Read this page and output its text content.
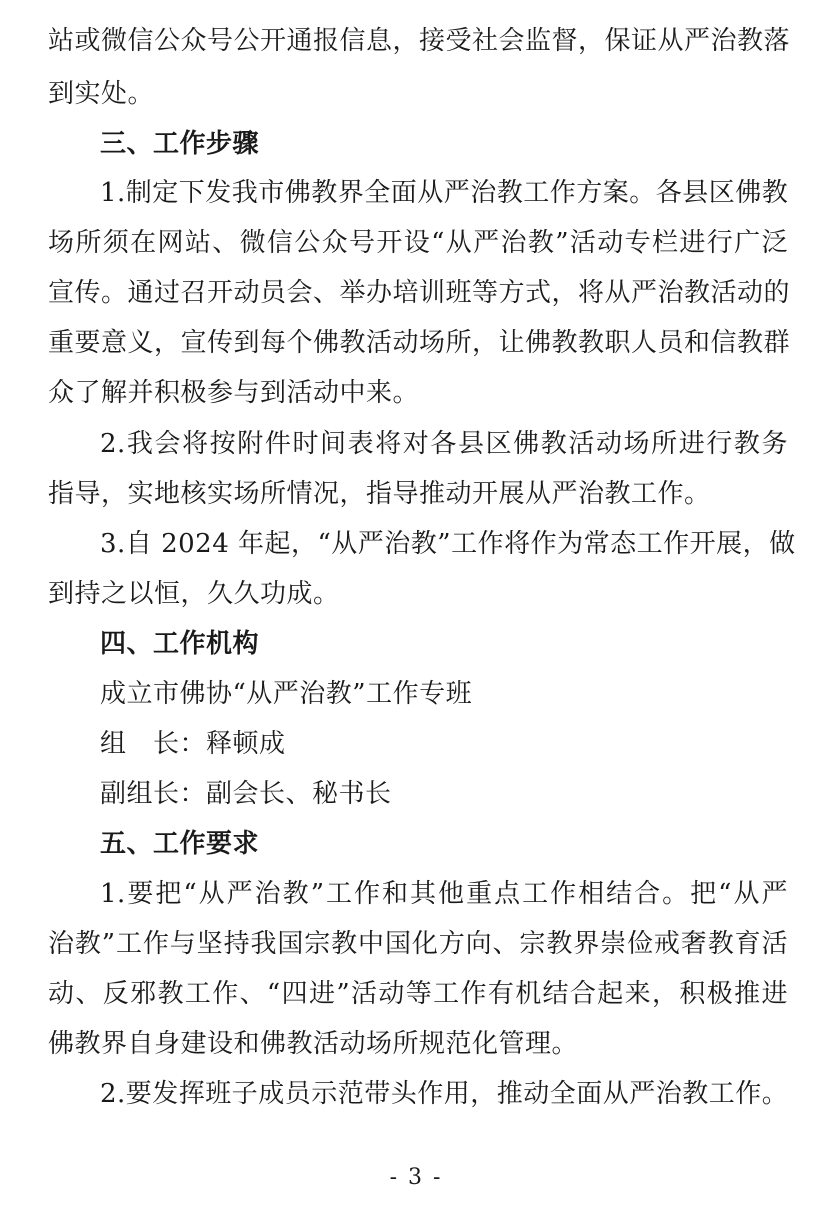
站或微信公众号公开通报信息，接受社会监督，保证从严治教落
到实处。
三、工作步骤
1.制定下发我市佛教界全面从严治教工作方案。各县区佛教
场所须在网站、微信公众号开设“从严治教”活动专栏进行广泛
宣传。通过召开动员会、举办培训班等方式，将从严治教活动的
重要意义，宣传到每个佛教活动场所，让佛教教职人员和信教群
众了解并积极参与到活动中来。
2.我会将按附件时间表将对各县区佛教活动场所进行教务
指导，实地核实场所情况，指导推动开展从严治教工作。
3.自 2024 年起，“从严治教”工作将作为常态工作开展，做
到持之以恒，久久功成。
四、工作机构
成立市佛协“从严治教”工作专班
组　长：释顿成
副组长：副会长、秘书长
五、工作要求
1.要把“从严治教”工作和其他重点工作相结合。把“从严
治教”工作与坚持我国宗教中国化方向、宗教界崇俭戒奢教育活
动、反邪教工作、“四进”活动等工作有机结合起来，积极推进
佛教界自身建设和佛教活动场所规范化管理。
2.要发挥班子成员示范带头作用，推动全面从严治教工作。
- 3 -
